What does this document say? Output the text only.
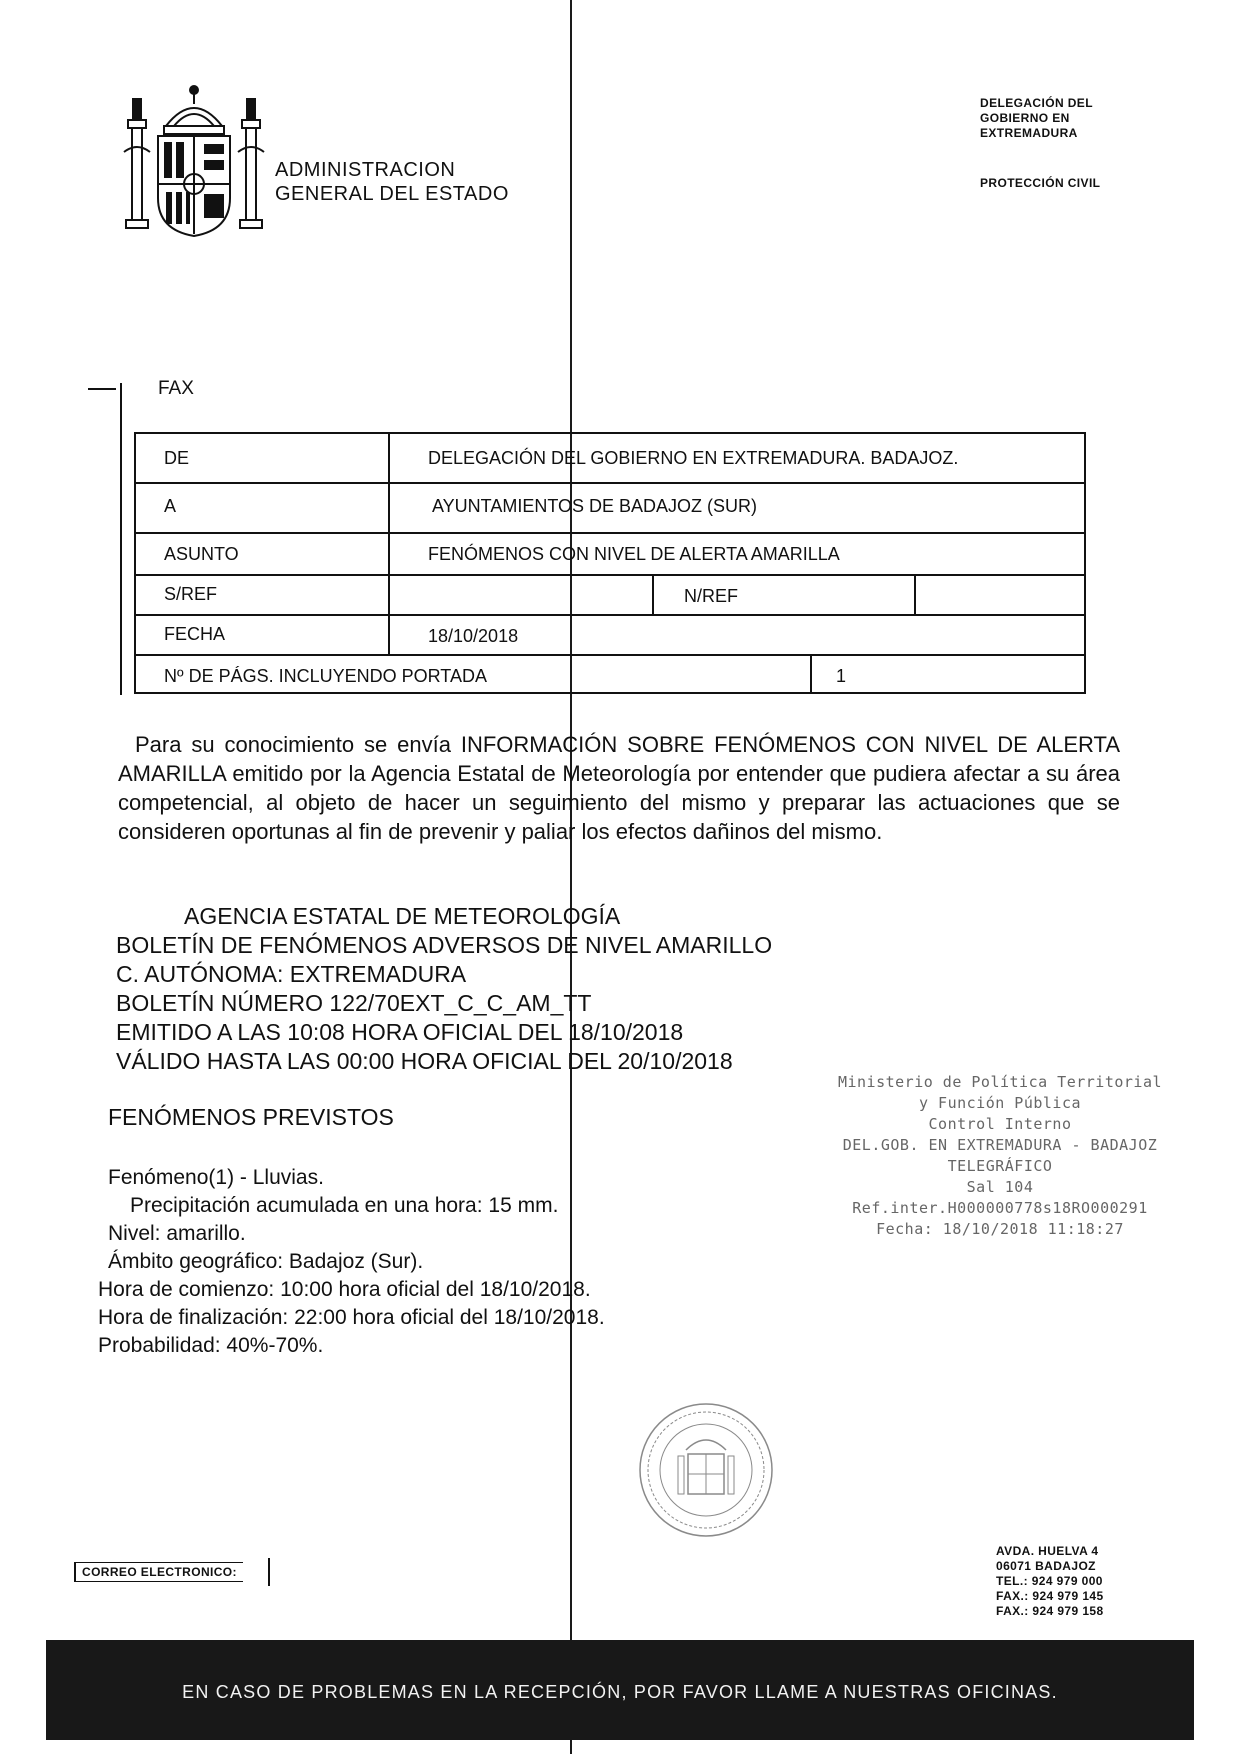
ADMINISTRACION
GENERAL DEL ESTADO
DELEGACIÓN DEL
GOBIERNO EN
EXTREMADURA
PROTECCIÓN CIVIL
FAX
DE	DELEGACIÓN DEL GOBIERNO EN EXTREMADURA. BADAJOZ.
A	AYUNTAMIENTOS DE BADAJOZ (SUR)
ASUNTO	FENÓMENOS CON NIVEL DE ALERTA AMARILLA
S/REF	N/REF
FECHA	18/10/2018
Nº DE PÁGS. INCLUYENDO PORTADA	1
Para su conocimiento se envía INFORMACIÓN SOBRE FENÓMENOS CON NIVEL DE ALERTA AMARILLA emitido por la Agencia Estatal de Meteorología por entender que pudiera afectar a su área competencial, al objeto de hacer un seguimiento del mismo y preparar las actuaciones que se consideren oportunas al fin de prevenir y paliar los efectos dañinos del mismo.
AGENCIA ESTATAL DE METEOROLOGÍA
BOLETÍN DE FENÓMENOS ADVERSOS DE NIVEL AMARILLO
C. AUTÓNOMA: EXTREMADURA
BOLETÍN NÚMERO 122/70EXT_C_C_AM_TT
EMITIDO A LAS 10:08 HORA OFICIAL DEL 18/10/2018
VÁLIDO HASTA LAS 00:00 HORA OFICIAL DEL 20/10/2018
FENÓMENOS PREVISTOS
Fenómeno(1) - Lluvias.
Precipitación acumulada en una hora: 15 mm.
Nivel: amarillo.
Ámbito geográfico: Badajoz (Sur).
Hora de comienzo: 10:00 hora oficial del 18/10/2018.
Hora de finalización: 22:00 hora oficial del 18/10/2018.
Probabilidad: 40%-70%.
Ministerio de Política Territorial
y Función Pública
Control Interno
DEL.GOB. EN EXTREMADURA - BADAJOZ
TELEGRÁFICO
Sal 104
Ref.inter.H000000778s18RO000291
Fecha: 18/10/2018 11:18:27
CORREO ELECTRONICO:
AVDA. HUELVA 4
06071 BADAJOZ
TEL.: 924 979 000
FAX.: 924 979 145
FAX.: 924 979 158
EN CASO DE PROBLEMAS EN LA RECEPCIÓN, POR FAVOR LLAME A NUESTRAS OFICINAS.
